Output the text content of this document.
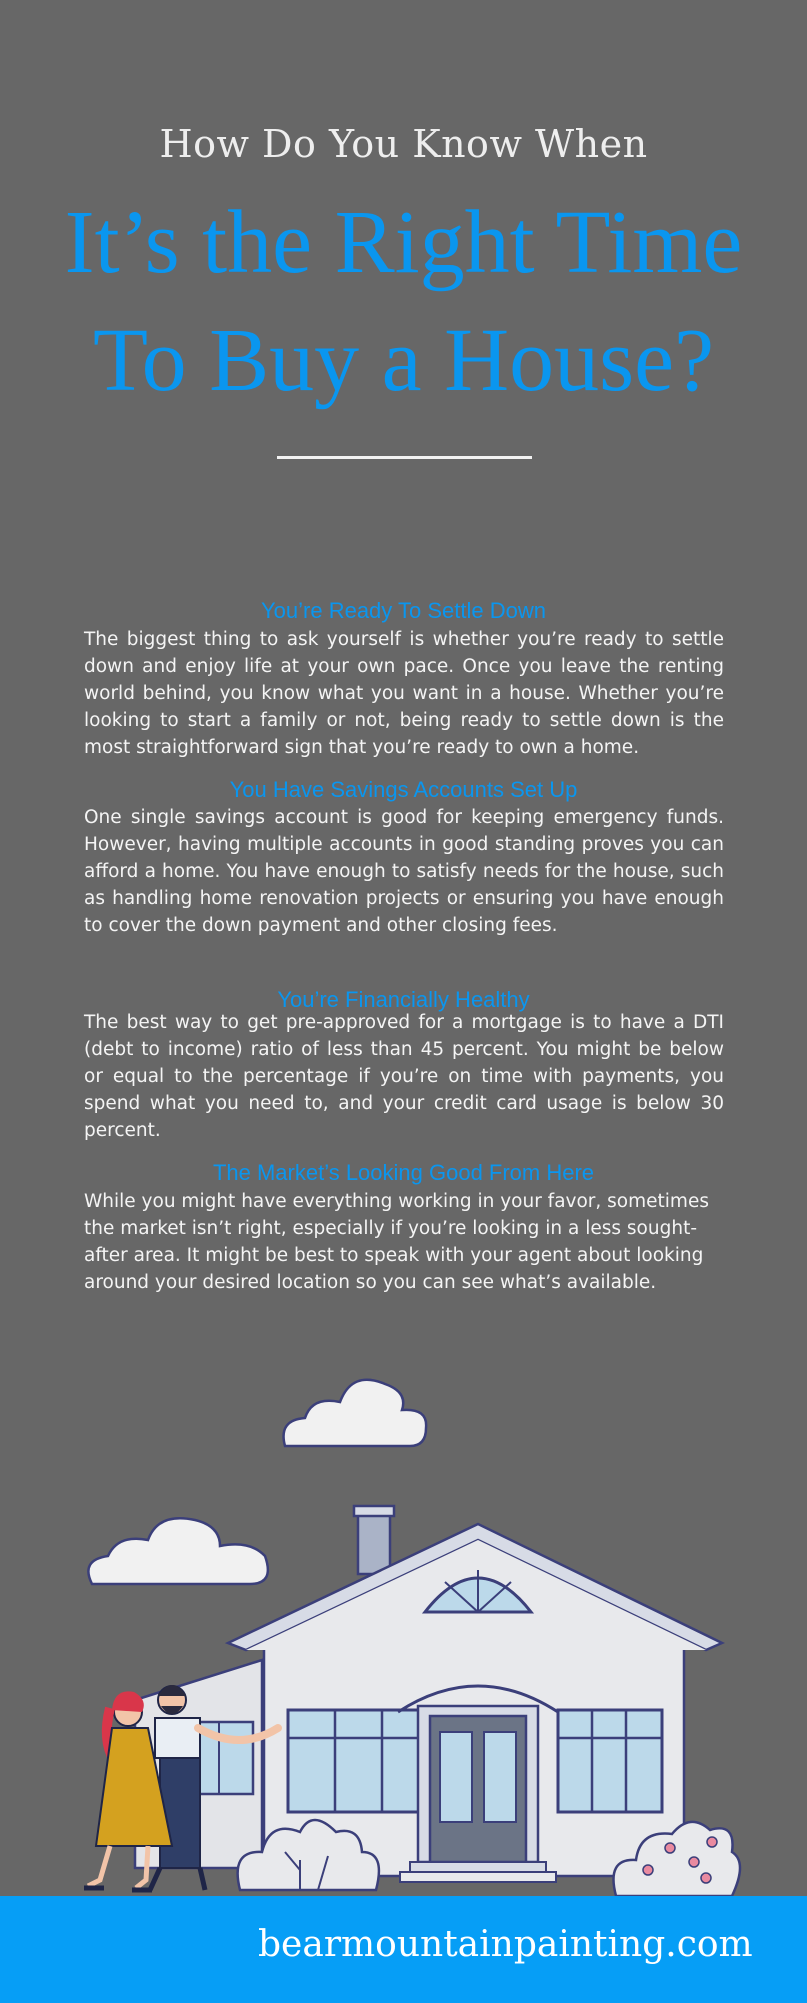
How Do You Know When
It’s the Right Time
To Buy a House?
You’re Ready To Settle Down
The biggest thing to ask yourself is whether you’re ready to settle down and enjoy life at your own pace. Once you leave the renting world behind, you know what you want in a house. Whether you’re looking to start a family or not, being ready to settle down is the most straightforward sign that you’re ready to own a home.
You Have Savings Accounts Set Up
One single savings account is good for keeping emergency funds. However, having multiple accounts in good standing proves you can afford a home. You have enough to satisfy needs for the house, such as handling home renovation projects or ensuring you have enough to cover the down payment and other closing fees.
You’re Financially Healthy
The best way to get pre-approved for a mortgage is to have a DTI (debt to income) ratio of less than 45 percent. You might be below or equal to the percentage if you’re on time with payments, you spend what you need to, and your credit card usage is below 30 percent.
The Market’s Looking Good From Here
While you might have everything working in your favor, sometimes the market isn’t right, especially if you’re looking in a less sought-after area. It might be best to speak with your agent about looking around your desired location so you can see what’s available.
bearmountainpainting.com
